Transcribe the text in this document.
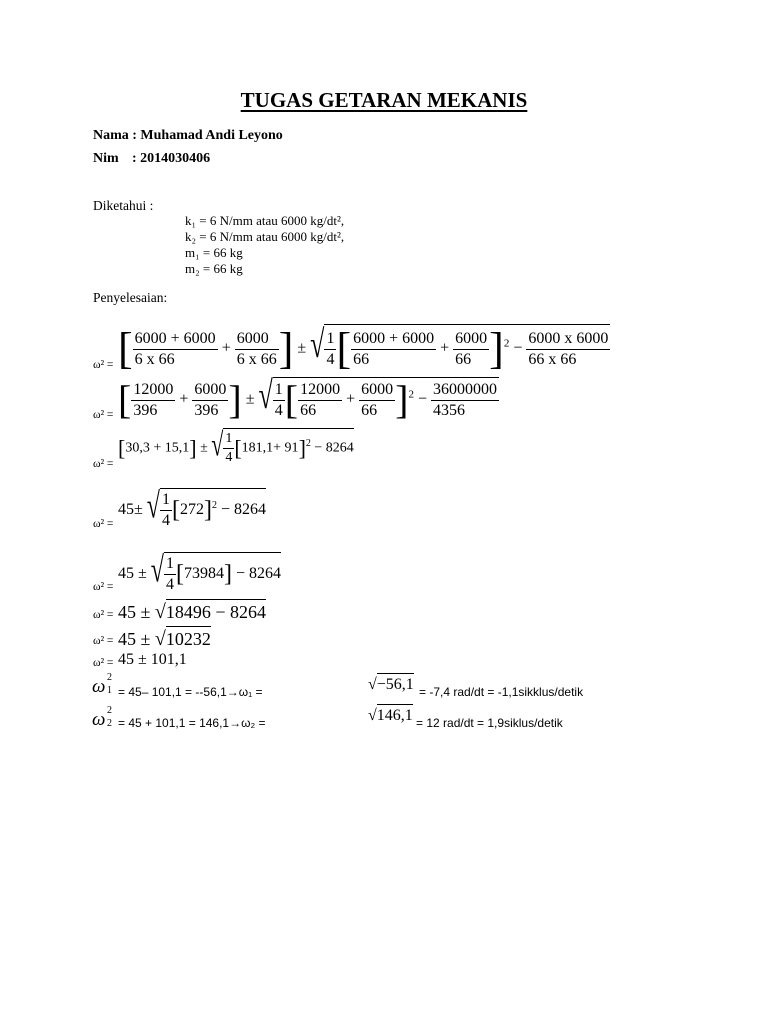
TUGAS GETARAN MEKANIS
Nama : Muhamad Andi Leyono
Nim : 2014030406
Diketahui :
k₁ = 6 N/mm atau 6000 kg/dt²,
k₂ = 6 N/mm atau 6000 kg/dt²,
m₁ = 66 kg
m₂ = 66 kg
Penyelesaian:
ω² = [ $\frac{6000 + 6000}{6 x 66} + \frac{6000}{6 x 66}$ ] ± √ $\frac{1}{4}$ [ $\frac{6000 + 6000}{66} + \frac{6000}{66} ]^2 - \frac{6000 x 6000}{66 x 66}$
ω² = [ $\frac{12000}{396} + \frac{6000}{396}$ ] ± √ $\frac{1}{4}$ [ $\frac{12000}{66} + \frac{6000}{66} ]^2 - \frac{36000000}{4356}$
ω² =
[30,3 + 15,1] ± √ $\frac{1}{4} [181,1+ 91]^2 - 8264$
ω² =
45± √ $\frac{1}{4} [272]^2 - 8264$
ω² =
45 ± √ $\frac{1}{4} [73984] - 8264$
ω² = 45 ± √18496 − 8264
ω² = 45 ± √10232
ω² = 45 ± 101,1
ω 2
1 = 45– 101,1 = --56,1→ω₁ =	√−56,1 = -7,4 rad/dt = -1,1sikklus/detik
ω 2
2 = 45 + 101,1 = 146,1→ω₂ =	√146,1 = 12 rad/dt = 1,9siklus/detik
